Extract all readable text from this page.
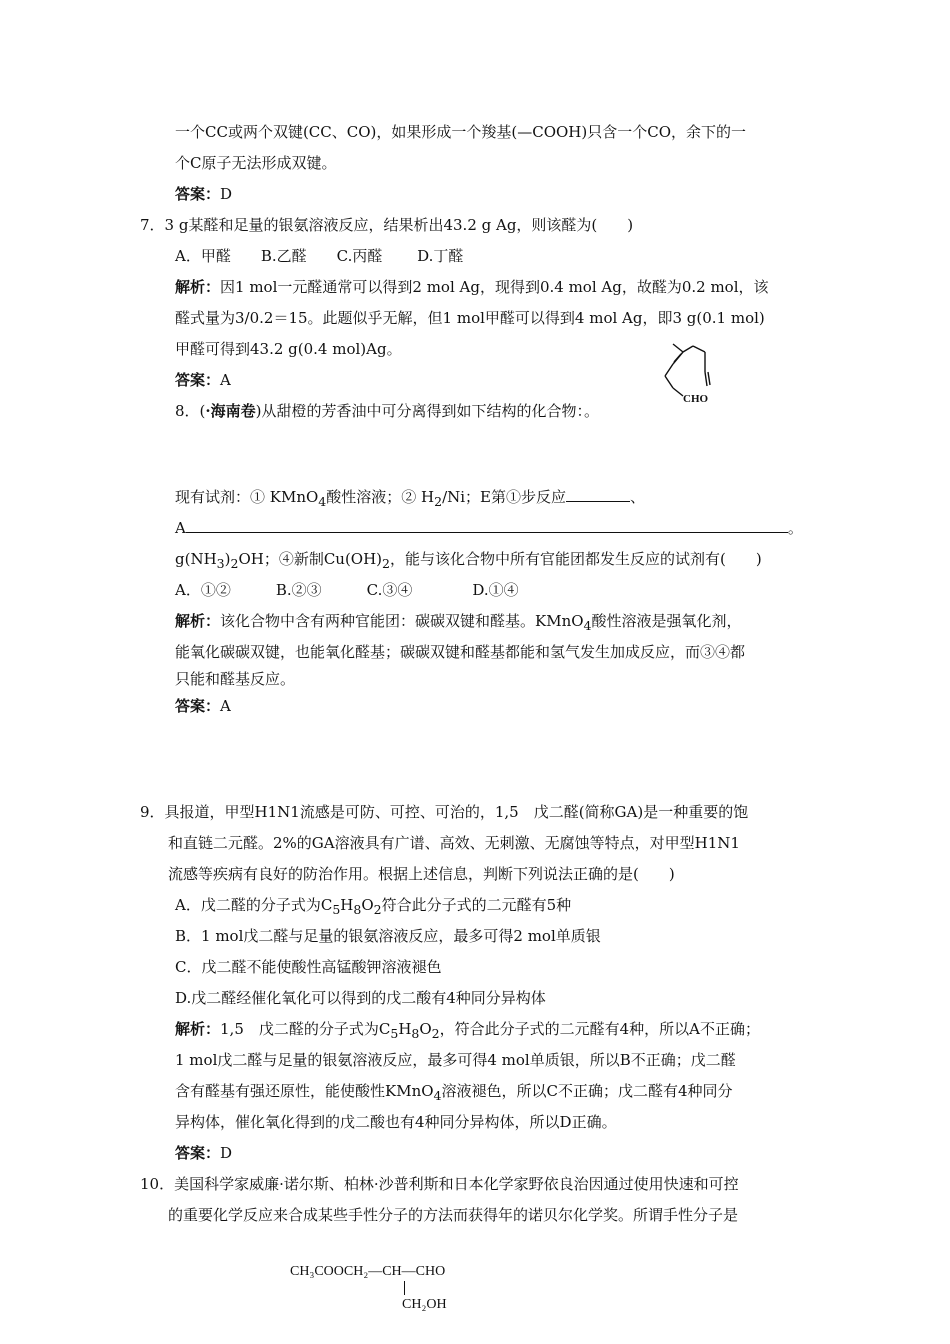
一个CC或两个双键(CC、CO)，如果形成一个羧基(—COOH)只含一个CO，余下的一
个C原子无法形成双键。
答案：D
7．3 g某醛和足量的银氨溶液反应，结果析出43.2 g Ag，则该醛为(　　)
A．甲醛　　B.乙醛　　C.丙醛　　 D.丁醛
解析：因1 mol一元醛通常可以得到2 mol Ag，现得到0.4 mol Ag，故醛为0.2 mol，该
醛式量为3/0.2＝15。此题似乎无解，但1 mol甲醛可以得到4 mol Ag，即3 g(0.1 mol)
甲醛可得到43.2 g(0.4 mol)Ag。
答案：A
CHO
8．(·海南卷)从甜橙的芳香油中可分离得到如下结构的化合物：。
现有试剂：① KMnO$_4$酸性溶液；② $H_2/Ni$；E第①步反应	、
A	。
$g(NH_3)_2OH$；④新制$Cu(OH)_2$，能与该化合物中所有官能团都发生反应的试剂有(　　)
A．①②　　　B.②③　　　C.③④　　　　D.①④
解析：该化合物中含有两种官能团：碳碳双键和醛基。KMnO$_4$酸性溶液是强氧化剂，
能氧化碳碳双键，也能氧化醛基；碳碳双键和醛基都能和氢气发生加成反应，而③④都
只能和醛基反应。
答案：A
9．具报道，甲型H1N1流感是可防、可控、可治的，1,5　戊二醛(简称GA)是一种重要的饱
和直链二元醛。2%的GA溶液具有广谱、高效、无刺激、无腐蚀等特点，对甲型H1N1
流感等疾病有良好的防治作用。根据上述信息，判断下列说法正确的是(　　)
A．戊二醛的分子式为$C_5H_8O_2$符合此分子式的二元醛有5种
B．1 mol戊二醛与足量的银氨溶液反应，最多可得2 mol单质银
C．戊二醛不能使酸性高锰酸钾溶液褪色
D.戊二醛经催化氧化可以得到的戊二酸有4种同分异构体
解析：1,5　戊二醛的分子式为$C_5H_8O_2$，符合此分子式的二元醛有4种，所以A不正确；
1 mol戊二醛与足量的银氨溶液反应，最多可得4 mol单质银，所以B不正确；戊二醛
含有醛基有强还原性，能使酸性KMnO$_4$溶液褪色，所以C不正确；戊二醛有4种同分
异构体，催化氧化得到的戊二酸也有4种同分异构体，所以D正确。
答案：D
10．美国科学家威廉·诺尔斯、柏林·沙普利斯和日本化学家野依良治因通过使用快速和可控
的重要化学反应来合成某些手性分子的方法而获得年的诺贝尔化学奖。所谓手性分子是
CH₃COOCH₂—CH—CHO
CH₂OH
